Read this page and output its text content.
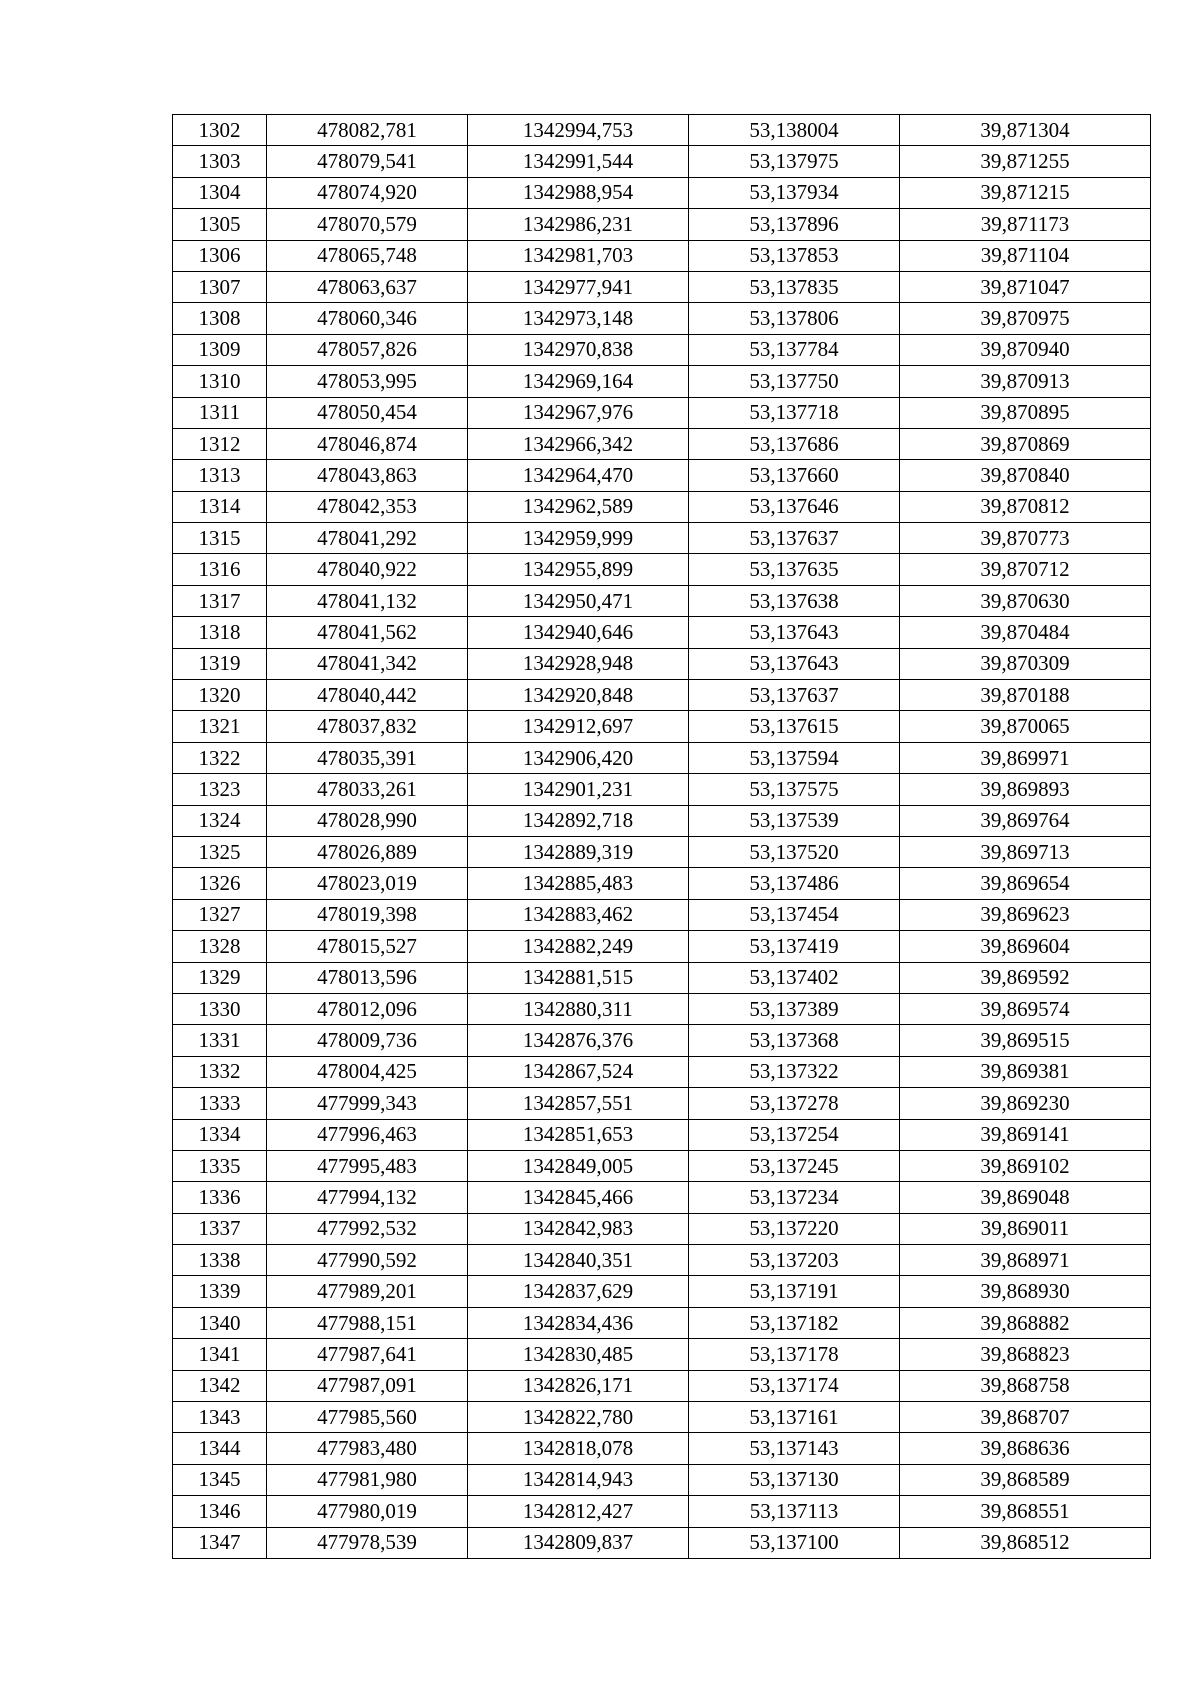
1302	478082,781	1342994,753	53,138004	39,871304
1303	478079,541	1342991,544	53,137975	39,871255
1304	478074,920	1342988,954	53,137934	39,871215
1305	478070,579	1342986,231	53,137896	39,871173
1306	478065,748	1342981,703	53,137853	39,871104
1307	478063,637	1342977,941	53,137835	39,871047
1308	478060,346	1342973,148	53,137806	39,870975
1309	478057,826	1342970,838	53,137784	39,870940
1310	478053,995	1342969,164	53,137750	39,870913
1311	478050,454	1342967,976	53,137718	39,870895
1312	478046,874	1342966,342	53,137686	39,870869
1313	478043,863	1342964,470	53,137660	39,870840
1314	478042,353	1342962,589	53,137646	39,870812
1315	478041,292	1342959,999	53,137637	39,870773
1316	478040,922	1342955,899	53,137635	39,870712
1317	478041,132	1342950,471	53,137638	39,870630
1318	478041,562	1342940,646	53,137643	39,870484
1319	478041,342	1342928,948	53,137643	39,870309
1320	478040,442	1342920,848	53,137637	39,870188
1321	478037,832	1342912,697	53,137615	39,870065
1322	478035,391	1342906,420	53,137594	39,869971
1323	478033,261	1342901,231	53,137575	39,869893
1324	478028,990	1342892,718	53,137539	39,869764
1325	478026,889	1342889,319	53,137520	39,869713
1326	478023,019	1342885,483	53,137486	39,869654
1327	478019,398	1342883,462	53,137454	39,869623
1328	478015,527	1342882,249	53,137419	39,869604
1329	478013,596	1342881,515	53,137402	39,869592
1330	478012,096	1342880,311	53,137389	39,869574
1331	478009,736	1342876,376	53,137368	39,869515
1332	478004,425	1342867,524	53,137322	39,869381
1333	477999,343	1342857,551	53,137278	39,869230
1334	477996,463	1342851,653	53,137254	39,869141
1335	477995,483	1342849,005	53,137245	39,869102
1336	477994,132	1342845,466	53,137234	39,869048
1337	477992,532	1342842,983	53,137220	39,869011
1338	477990,592	1342840,351	53,137203	39,868971
1339	477989,201	1342837,629	53,137191	39,868930
1340	477988,151	1342834,436	53,137182	39,868882
1341	477987,641	1342830,485	53,137178	39,868823
1342	477987,091	1342826,171	53,137174	39,868758
1343	477985,560	1342822,780	53,137161	39,868707
1344	477983,480	1342818,078	53,137143	39,868636
1345	477981,980	1342814,943	53,137130	39,868589
1346	477980,019	1342812,427	53,137113	39,868551
1347	477978,539	1342809,837	53,137100	39,868512
